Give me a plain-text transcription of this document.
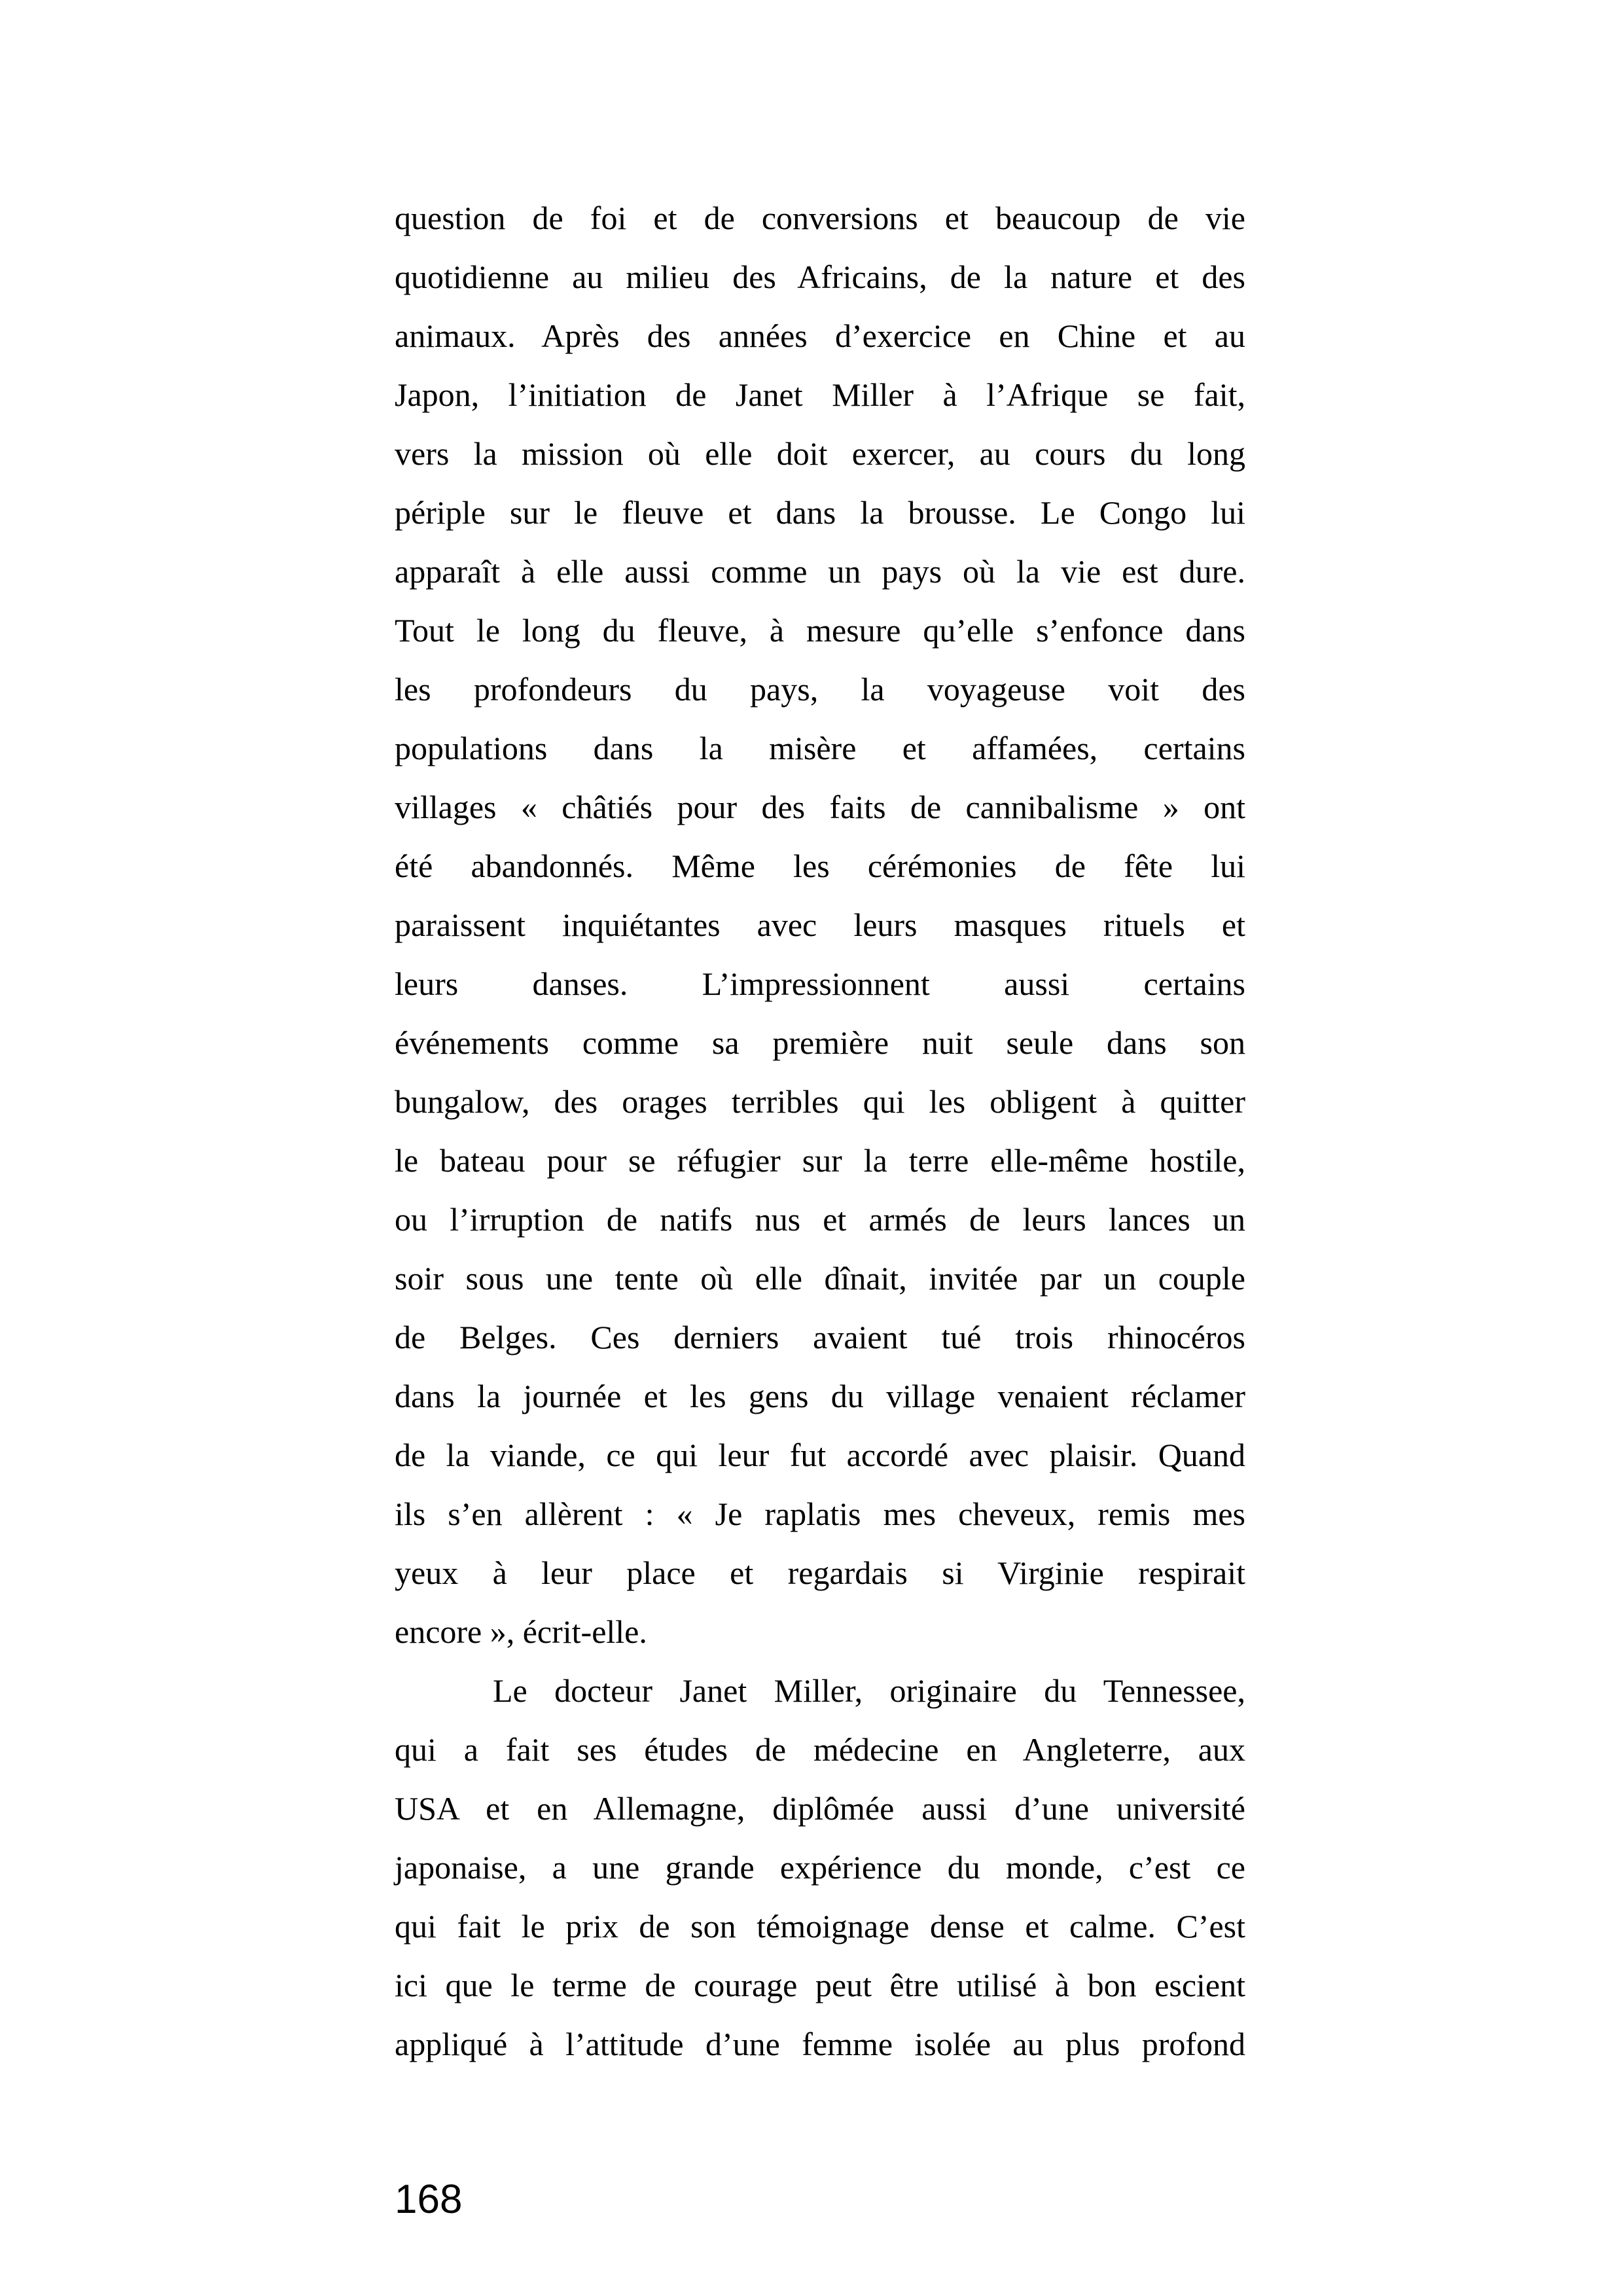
question de foi et de conversions et beaucoup de vie
quotidienne au milieu des Africains, de la nature et des
animaux. Après des années d’exercice en Chine et au
Japon, l’initiation de Janet Miller à l’Afrique se fait,
vers la mission où elle doit exercer, au cours du long
périple sur le fleuve et dans la brousse. Le Congo lui
apparaît à elle aussi comme un pays où la vie est dure.
Tout le long du fleuve, à mesure qu’elle s’enfonce dans
les profondeurs du pays, la voyageuse voit des
populations dans la misère et affamées, certains
villages « châtiés pour des faits de cannibalisme » ont
été abandonnés. Même les cérémonies de fête lui
paraissent inquiétantes avec leurs masques rituels et
leurs danses. L’impressionnent aussi certains
événements comme sa première nuit seule dans son
bungalow, des orages terribles qui les obligent à quitter
le bateau pour se réfugier sur la terre elle-même hostile,
ou l’irruption de natifs nus et armés de leurs lances un
soir sous une tente où elle dînait, invitée par un couple
de Belges. Ces derniers avaient tué trois rhinocéros
dans la journée et les gens du village venaient réclamer
de la viande, ce qui leur fut accordé avec plaisir. Quand
ils s’en allèrent : « Je raplatis mes cheveux, remis mes
yeux à leur place et regardais si Virginie respirait
encore », écrit-elle.
Le docteur Janet Miller, originaire du Tennessee,
qui a fait ses études de médecine en Angleterre, aux
USA et en Allemagne, diplômée aussi d’une université
japonaise, a une grande expérience du monde, c’est ce
qui fait le prix de son témoignage dense et calme. C’est
ici que le terme de courage peut être utilisé à bon escient
appliqué à l’attitude d’une femme isolée au plus profond
168
